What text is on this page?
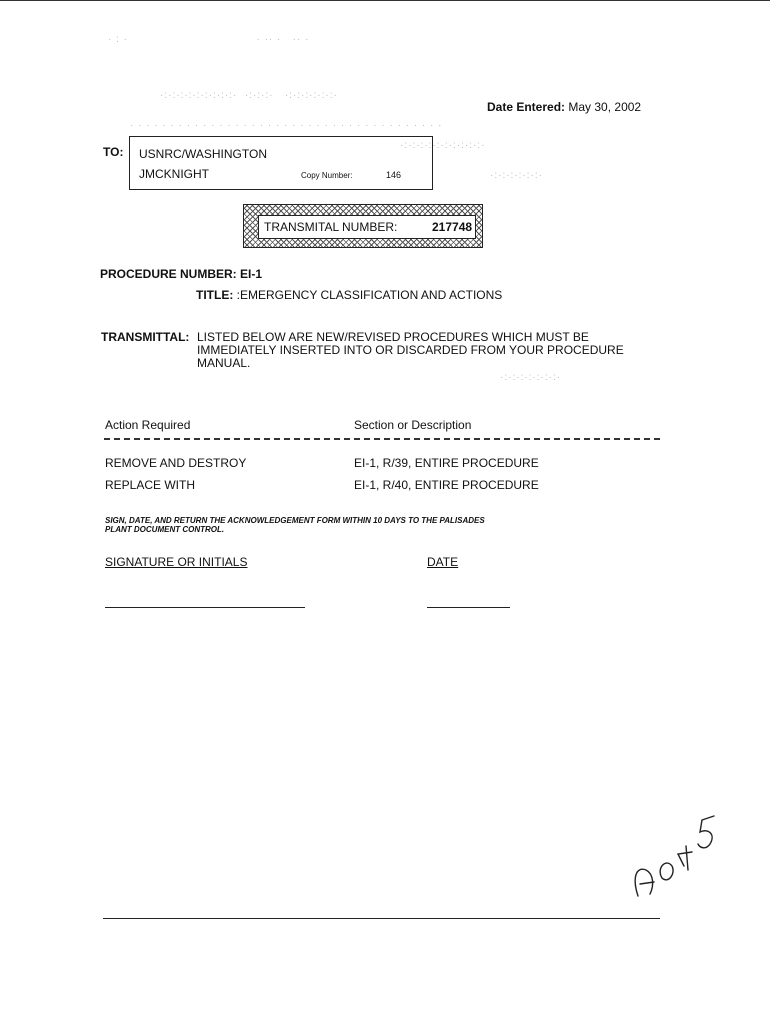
· : ·                                  · ·· ·   ·· ·
·:·:·:·:·:·:·:·:·:·  ·:·:·:·   ·:·:·:·:·:·:·
· · · · · · · · · · · · · · · · · · · · · · · · · · · · · · · · · · · · · · ·
·:·:·:·:·:·:·:·:·:·:·
·:·:·:·:·:·:·
·:·:·:·:·:·:·:·
Date Entered: May 30, 2002
TO: USNRC/WASHINGTON
JMCKNIGHT	Copy Number:	146
TRANSMITAL NUMBER:	217748
PROCEDURE NUMBER: EI-1
TITLE: :EMERGENCY CLASSIFICATION AND ACTIONS
TRANSMITTAL: LISTED BELOW ARE NEW/REVISED PROCEDURES WHICH MUST BE
IMMEDIATELY INSERTED INTO OR DISCARDED FROM YOUR PROCEDURE
MANUAL.
Action Required	Section or Description
REMOVE AND DESTROY	EI-1, R/39, ENTIRE PROCEDURE
REPLACE WITH	EI-1, R/40, ENTIRE PROCEDURE
SIGN, DATE, AND RETURN THE ACKNOWLEDGEMENT FORM WITHIN 10 DAYS TO THE PALISADES
PLANT DOCUMENT CONTROL.
SIGNATURE OR INITIALS	DATE
